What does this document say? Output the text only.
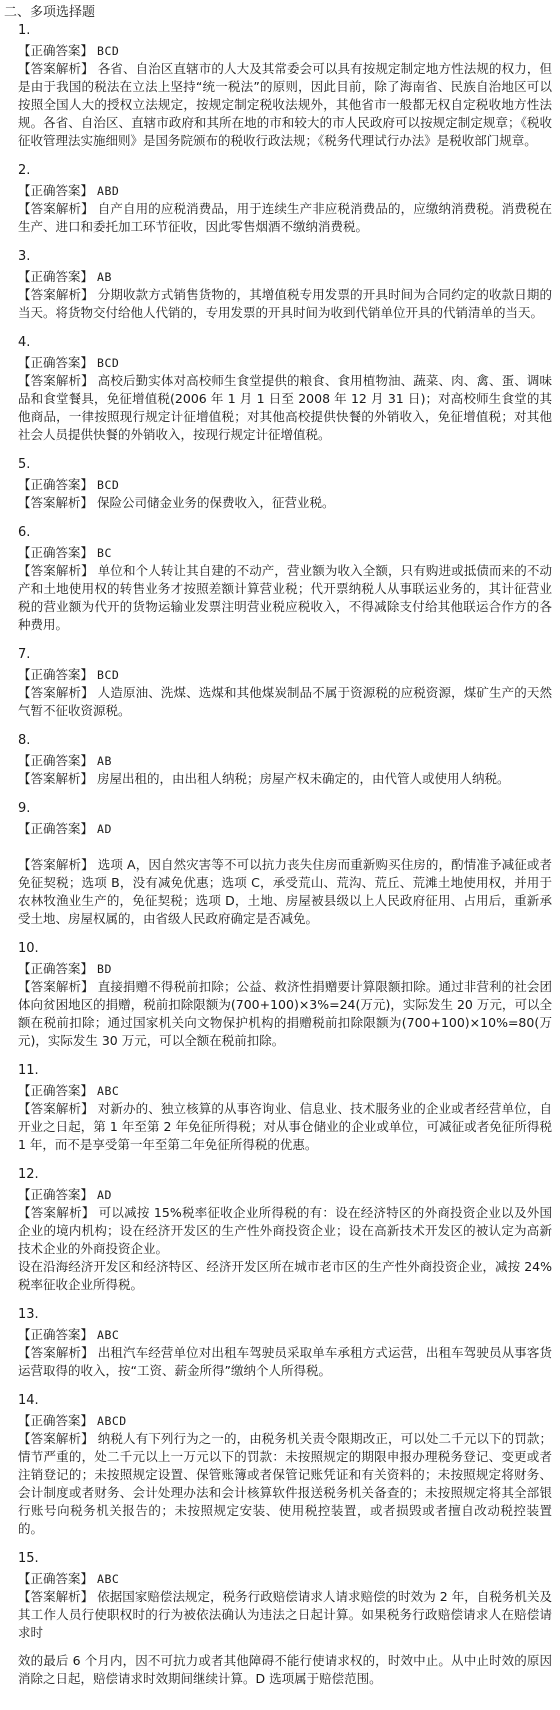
二、多项选择题
1.
【正确答案】 BCD
【答案解析】 各省、自治区直辖市的人大及其常委会可以具有按规定制定地方性法规的权力，但是由于我国的税法在立法上坚持“统一税法”的原则，因此目前，除了海南省、民族自治地区可以按照全国人大的授权立法规定，按规定制定税收法规外，其他省市一般都无权自定税收地方性法规。各省、自治区、直辖市政府和其所在地的市和较大的市人民政府可以按规定制定规章；《税收征收管理法实施细则》是国务院颁布的税收行政法规；《税务代理试行办法》是税收部门规章。
2.
【正确答案】 ABD
【答案解析】 自产自用的应税消费品，用于连续生产非应税消费品的，应缴纳消费税。消费税在生产、进口和委托加工环节征收，因此零售烟酒不缴纳消费税。
3.
【正确答案】 AB
【答案解析】 分期收款方式销售货物的，其增值税专用发票的开具时间为合同约定的收款日期的当天。将货物交付给他人代销的，专用发票的开具时间为收到代销单位开具的代销清单的当天。
4.
【正确答案】 BCD
【答案解析】 高校后勤实体对高校师生食堂提供的粮食、食用植物油、蔬菜、肉、禽、蛋、调味品和食堂餐具，免征增值税(2006 年 1 月 1 日至 2008 年 12 月 31 日)；对高校师生食堂的其他商品，一律按照现行规定计征增值税；对其他高校提供快餐的外销收入，免征增值税；对其他社会人员提供快餐的外销收入，按现行规定计征增值税。
5.
【正确答案】 BCD
【答案解析】 保险公司储金业务的保费收入，征营业税。
6.
【正确答案】 BC
【答案解析】 单位和个人转让其自建的不动产，营业额为收入全额，只有购进或抵债而来的不动产和土地使用权的转售业务才按照差额计算营业税；代开票纳税人从事联运业务的，其计征营业税的营业额为代开的货物运输业发票注明营业税应税收入，不得减除支付给其他联运合作方的各种费用。
7.
【正确答案】 BCD
【答案解析】 人造原油、洗煤、选煤和其他煤炭制品不属于资源税的应税资源，煤矿生产的天然气暂不征收资源税。
8.
【正确答案】 AB
【答案解析】 房屋出租的，由出租人纳税；房屋产权未确定的，由代管人或使用人纳税。
9.
【正确答案】 AD
【答案解析】 选项 A，因自然灾害等不可以抗力丧失住房而重新购买住房的，酌情准予减征或者免征契税；选项 B，没有减免优惠；选项 C，承受荒山、荒沟、荒丘、荒滩土地使用权，并用于农林牧渔业生产的，免征契税；选项 D，土地、房屋被县级以上人民政府征用、占用后，重新承受土地、房屋权属的，由省级人民政府确定是否减免。
10.
【正确答案】 BD
【答案解析】 直接捐赠不得税前扣除；公益、救济性捐赠要计算限额扣除。通过非营利的社会团体向贫困地区的捐赠，税前扣除限额为(700+100)×3%=24(万元)，实际发生 20 万元，可以全额在税前扣除；通过国家机关向文物保护机构的捐赠税前扣除限额为(700+100)×10%=80(万元)，实际发生 30 万元，可以全额在税前扣除。
11.
【正确答案】 ABC
【答案解析】 对新办的、独立核算的从事咨询业、信息业、技术服务业的企业或者经营单位，自开业之日起，第 1 年至第 2 年免征所得税；对从事仓储业的企业或单位，可减征或者免征所得税 1 年，而不是享受第一年至第二年免征所得税的优惠。
12.
【正确答案】 AD
【答案解析】 可以减按 15%税率征收企业所得税的有：设在经济特区的外商投资企业以及外国企业的境内机构；设在经济开发区的生产性外商投资企业；设在高新技术开发区的被认定为高新技术企业的外商投资企业。
设在沿海经济开发区和经济特区、经济开发区所在城市老市区的生产性外商投资企业，减按 24%税率征收企业所得税。
13.
【正确答案】 ABC
【答案解析】 出租汽车经营单位对出租车驾驶员采取单车承租方式运营，出租车驾驶员从事客货运营取得的收入，按“工资、薪金所得”缴纳个人所得税。
14.
【正确答案】 ABCD
【答案解析】 纳税人有下列行为之一的，由税务机关责令限期改正，可以处二千元以下的罚款；情节严重的，处二千元以上一万元以下的罚款：未按照规定的期限申报办理税务登记、变更或者注销登记的；未按照规定设置、保管账簿或者保管记账凭证和有关资料的；未按照规定将财务、会计制度或者财务、会计处理办法和会计核算软件报送税务机关备查的；未按照规定将其全部银行账号向税务机关报告的；未按照规定安装、使用税控装置，或者损毁或者擅自改动税控装置的。
15.
【正确答案】 ABC
【答案解析】 依据国家赔偿法规定，税务行政赔偿请求人请求赔偿的时效为 2 年，自税务机关及其工作人员行使职权时的行为被依法确认为违法之日起计算。如果税务行政赔偿请求人在赔偿请求时
效的最后 6 个月内，因不可抗力或者其他障碍不能行使请求权的，时效中止。从中止时效的原因消除之日起，赔偿请求时效期间继续计算。D 选项属于赔偿范围。
